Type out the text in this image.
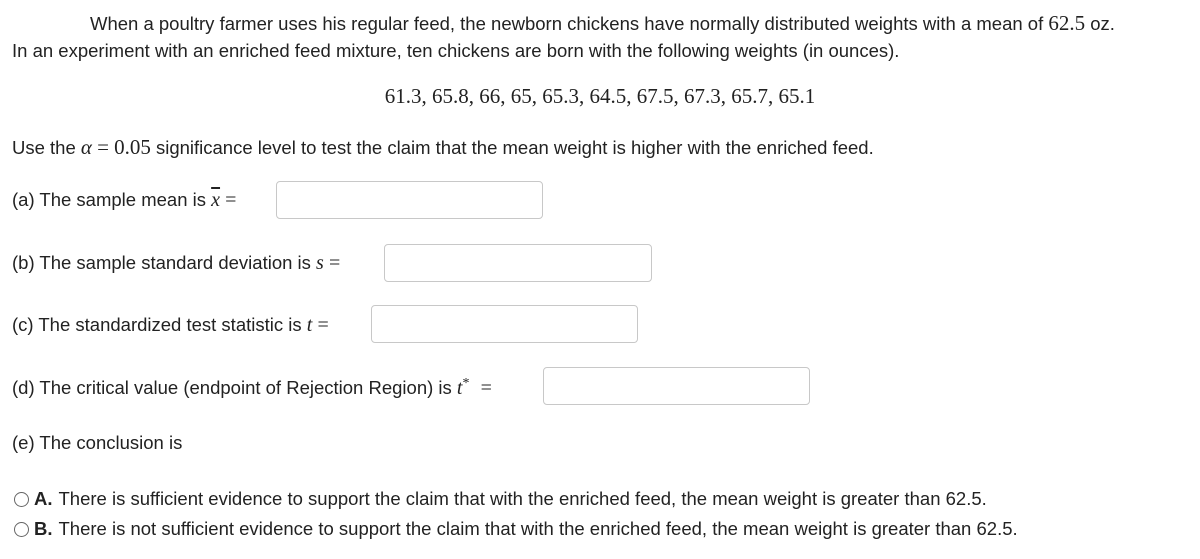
When a poultry farmer uses his regular feed, the newborn chickens have normally distributed weights with a mean of 62.5 oz.
In an experiment with an enriched feed mixture, ten chickens are born with the following weights (in ounces).
61.3, 65.8, 66, 65, 65.3, 64.5, 67.5, 67.3, 65.7, 65.1
Use the α = 0.05 significance level to test the claim that the mean weight is higher with the enriched feed.
(a) The sample mean is $\overline{x}$ =
(b) The sample standard deviation is s =
(c) The standardized test statistic is t =
(d) The critical value (endpoint of Rejection Region) is t* =
(e) The conclusion is
A. There is sufficient evidence to support the claim that with the enriched feed, the mean weight is greater than 62.5.
B. There is not sufficient evidence to support the claim that with the enriched feed, the mean weight is greater than 62.5.
